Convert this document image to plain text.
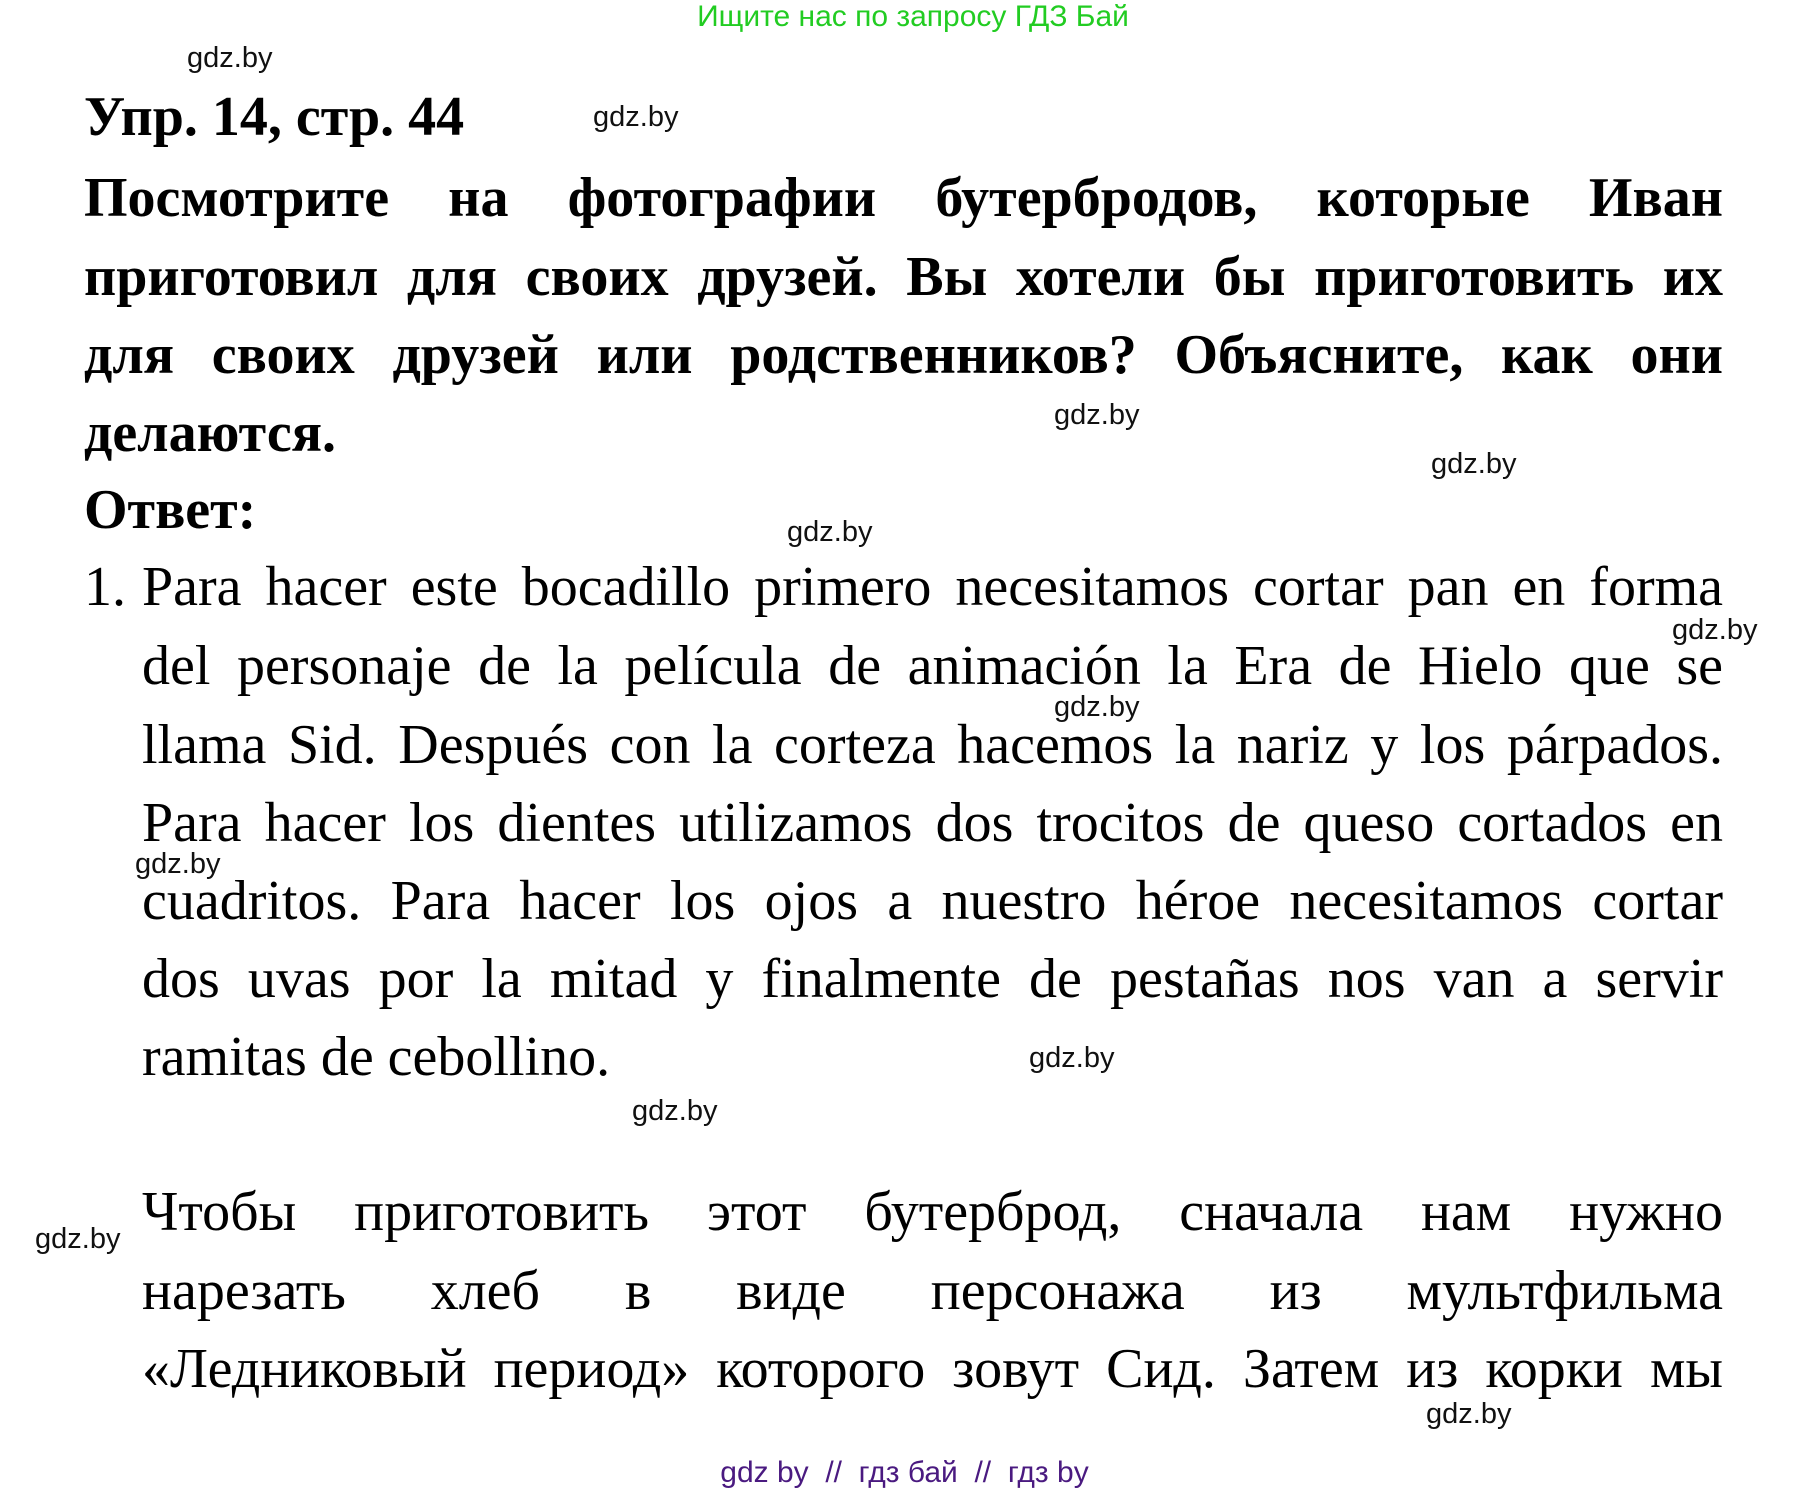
Ищите нас по запросу ГДЗ Бай
gdz.by
gdz.by
gdz.by
gdz.by
gdz.by
gdz.by
gdz.by
gdz.by
gdz.by
gdz.by
gdz.by
gdz.by
Упр. 14, стр. 44
Посмотрите на фотографии бутербродов, которые Иван
приготовил для своих друзей. Вы хотели бы приготовить их
для своих друзей или родственников? Объясните, как они
делаются.
Ответ:
1. Para hacer este bocadillo primero necesitamos cortar pan en forma
del personaje de la película de animación la Era de Hielo que se
llama Sid. Después con la corteza hacemos la nariz y los párpados.
Para hacer los dientes utilizamos dos trocitos de queso cortados en
cuadritos. Para hacer los ojos a nuestro héroe necesitamos cortar
dos uvas por la mitad y finalmente de pestañas nos van a servir
ramitas de cebollino.
Чтобы приготовить этот бутерброд, сначала нам нужно
нарезать хлеб в виде персонажа из мультфильма
«Ледниковый период» которого зовут Сид. Затем из корки мы
gdz by  //  гдз бай  //  гдз by
